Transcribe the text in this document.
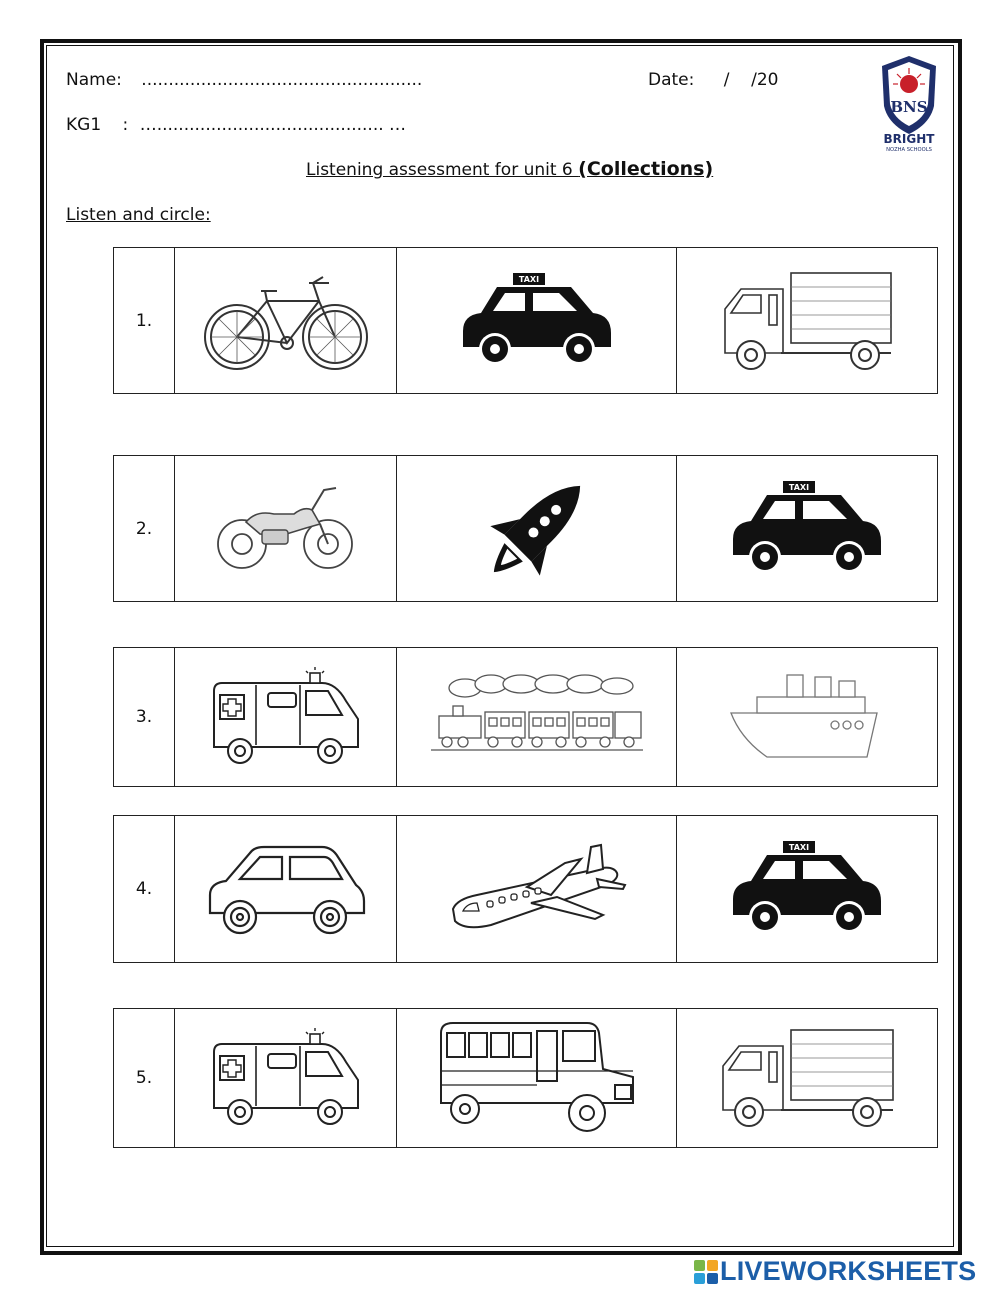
Name: ....................................................	Date: /    /20
KG1 : ….......................................... …
Listening assessment for unit 6 (Collections)
Listen and circle:
BNS
BRIGHT
NOZHA SCHOOLS
1.
TAXI
2.
TAXI
3.
4.
TAXI
5.
LIVEWORKSHEETS
